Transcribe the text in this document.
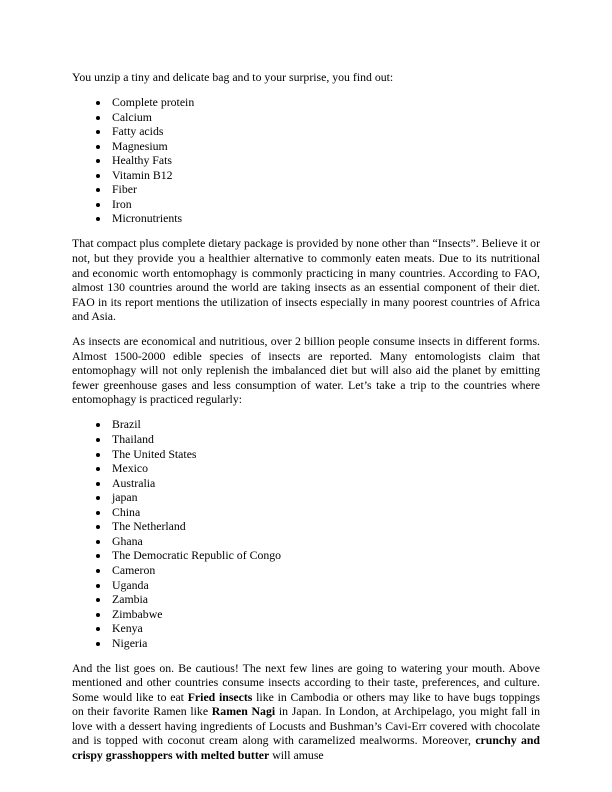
You unzip a tiny and delicate bag and to your surprise, you find out:

• Complete protein
• Calcium
• Fatty acids
• Magnesium
• Healthy Fats
• Vitamin B12
• Fiber
• Iron
• Micronutrients

That compact plus complete dietary package is provided by none other than “Insects”. Believe it or not, but they provide you a healthier alternative to commonly eaten meats. Due to its nutritional and economic worth entomophagy is commonly practicing in many countries. According to FAO, almost 130 countries around the world are taking insects as an essential component of their diet. FAO in its report mentions the utilization of insects especially in many poorest countries of Africa and Asia.

As insects are economical and nutritious, over 2 billion people consume insects in different forms. Almost 1500-2000 edible species of insects are reported. Many entomologists claim that entomophagy will not only replenish the imbalanced diet but will also aid the planet by emitting fewer greenhouse gases and less consumption of water. Let’s take a trip to the countries where entomophagy is practiced regularly:

• Brazil
• Thailand
• The United States
• Mexico
• Australia
• japan
• China
• The Netherland
• Ghana
• The Democratic Republic of Congo
• Cameron
• Uganda
• Zambia
• Zimbabwe
• Kenya
• Nigeria

And the list goes on. Be cautious! The next few lines are going to watering your mouth. Above mentioned and other countries consume insects according to their taste, preferences, and culture. Some would like to eat Fried insects like in Cambodia or others may like to have bugs toppings on their favorite Ramen like Ramen Nagi in Japan. In London, at Archipelago, you might fall in love with a dessert having ingredients of Locusts and Bushman’s Cavi-Err covered with chocolate and is topped with coconut cream along with caramelized mealworms. Moreover, crunchy and crispy grasshoppers with melted butter will amuse
